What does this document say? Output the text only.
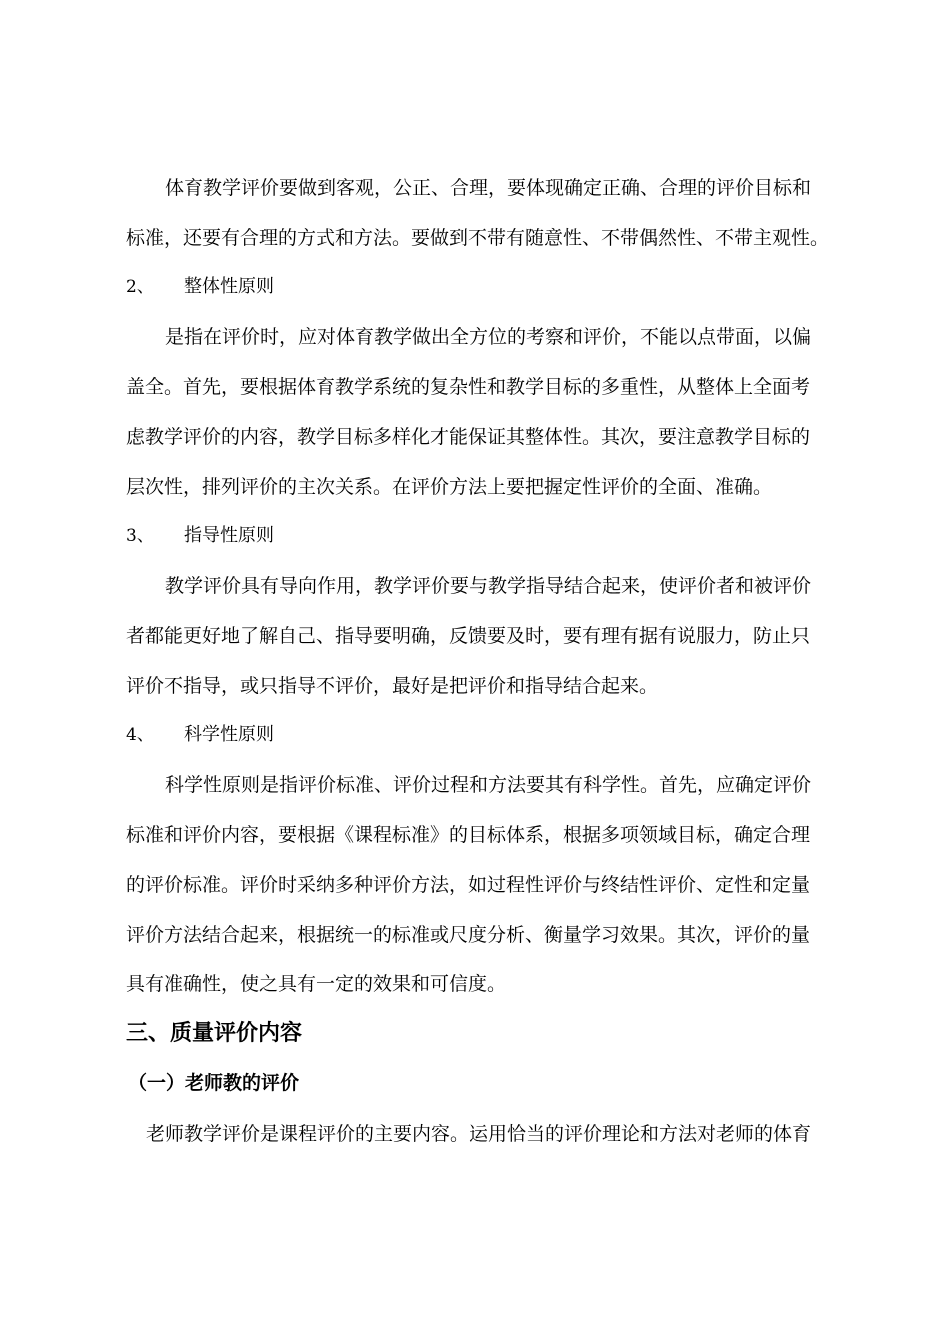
体育教学评价要做到客观，公正、合理，要体现确定正确、合理的评价目标和
标准，还要有合理的方式和方法。要做到不带有随意性、不带偶然性、不带主观性。
2、 整体性原则
是指在评价时，应对体育教学做出全方位的考察和评价，不能以点带面，以偏
盖全。首先，要根据体育教学系统的复杂性和教学目标的多重性，从整体上全面考
虑教学评价的内容，教学目标多样化才能保证其整体性。其次，要注意教学目标的
层次性，排列评价的主次关系。在评价方法上要把握定性评价的全面、准确。
3、 指导性原则
教学评价具有导向作用，教学评价要与教学指导结合起来，使评价者和被评价
者都能更好地了解自己、指导要明确，反馈要及时，要有理有据有说服力，防止只
评价不指导，或只指导不评价，最好是把评价和指导结合起来。
4、 科学性原则
科学性原则是指评价标准、评价过程和方法要其有科学性。首先，应确定评价
标准和评价内容，要根据《课程标准》的目标体系，根据多项领域目标，确定合理
的评价标准。评价时采纳多种评价方法，如过程性评价与终结性评价、定性和定量
评价方法结合起来，根据统一的标准或尺度分析、衡量学习效果。其次，评价的量
具有准确性，使之具有一定的效果和可信度。
三、质量评价内容
（一）老师教的评价
老师教学评价是课程评价的主要内容。运用恰当的评价理论和方法对老师的体育
